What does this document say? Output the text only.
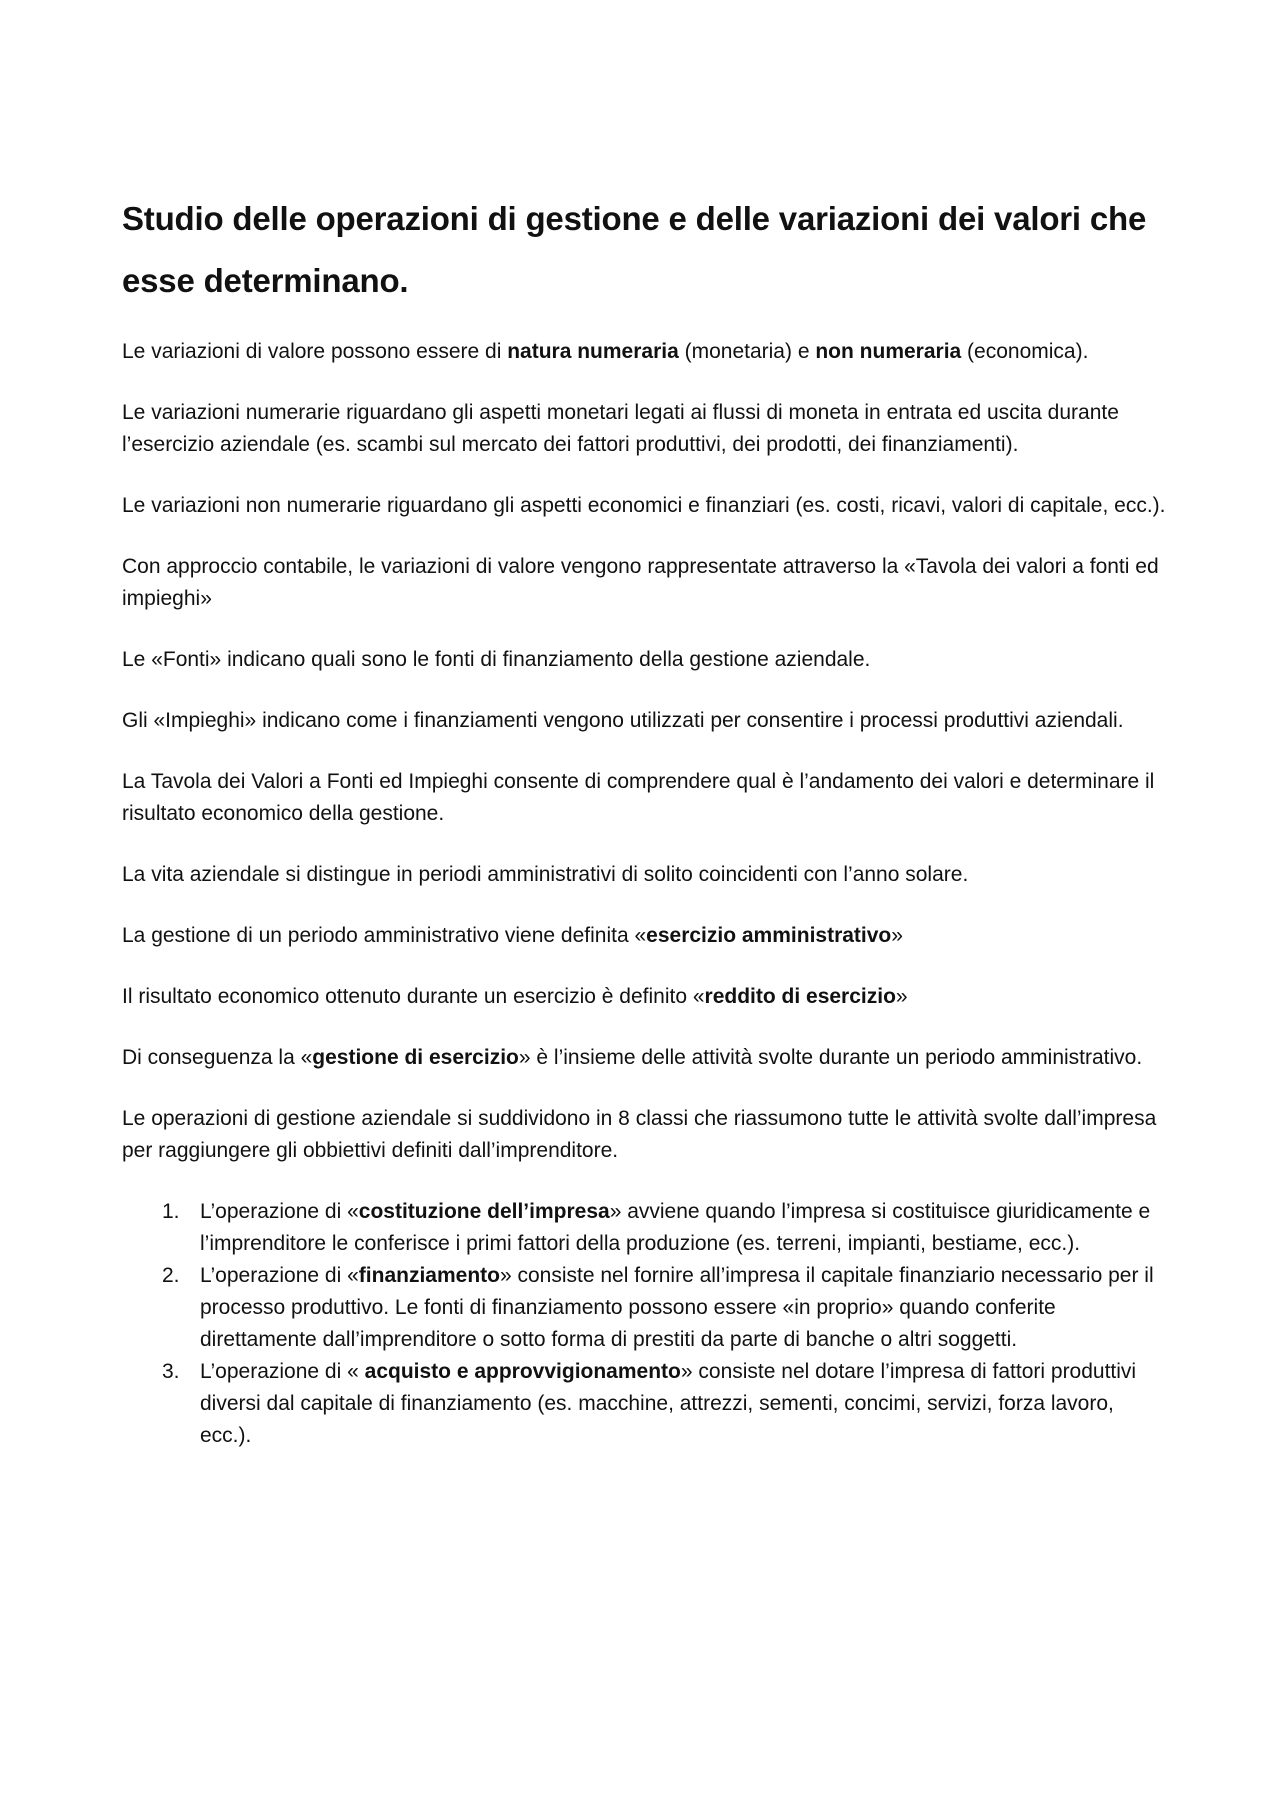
Studio delle operazioni di gestione e delle variazioni dei valori che esse determinano.

Le variazioni di valore possono essere di natura numeraria (monetaria) e non numeraria (economica).

Le variazioni numerarie riguardano gli aspetti monetari legati ai flussi di moneta in entrata ed uscita durante l’esercizio aziendale (es. scambi sul mercato dei fattori produttivi, dei prodotti, dei finanziamenti).

Le variazioni non numerarie riguardano gli aspetti economici e finanziari (es. costi, ricavi, valori di capitale, ecc.).

Con approccio contabile, le variazioni di valore vengono rappresentate attraverso la «Tavola dei valori a fonti ed impieghi»

Le «Fonti» indicano quali sono le fonti di finanziamento della gestione aziendale.

Gli «Impieghi» indicano come i finanziamenti vengono utilizzati per consentire i processi produttivi aziendali.

La Tavola dei Valori a Fonti ed Impieghi consente di comprendere qual è l’andamento dei valori e determinare il risultato economico della gestione.

La vita aziendale si distingue in periodi amministrativi di solito coincidenti con l’anno solare.

La gestione di un periodo amministrativo viene definita «esercizio amministrativo»

Il risultato economico ottenuto durante un esercizio è definito «reddito di esercizio»

Di conseguenza la «gestione di esercizio» è l’insieme delle attività svolte durante un periodo amministrativo.

Le operazioni di gestione aziendale si suddividono in 8 classi che riassumono tutte le attività svolte dall’impresa per raggiungere gli obbiettivi definiti dall’imprenditore.

1. L’operazione di «costituzione dell’impresa» avviene quando l’impresa si costituisce giuridicamente e l’imprenditore le conferisce i primi fattori della produzione (es. terreni, impianti, bestiame, ecc.).
2. L’operazione di «finanziamento» consiste nel fornire all’impresa il capitale finanziario necessario per il processo produttivo. Le fonti di finanziamento possono essere «in proprio» quando conferite direttamente dall’imprenditore o sotto forma di prestiti da parte di banche o altri soggetti.
3. L’operazione di « acquisto e approvvigionamento» consiste nel dotare l’impresa di fattori produttivi diversi dal capitale di finanziamento (es. macchine, attrezzi, sementi, concimi, servizi, forza lavoro, ecc.).
